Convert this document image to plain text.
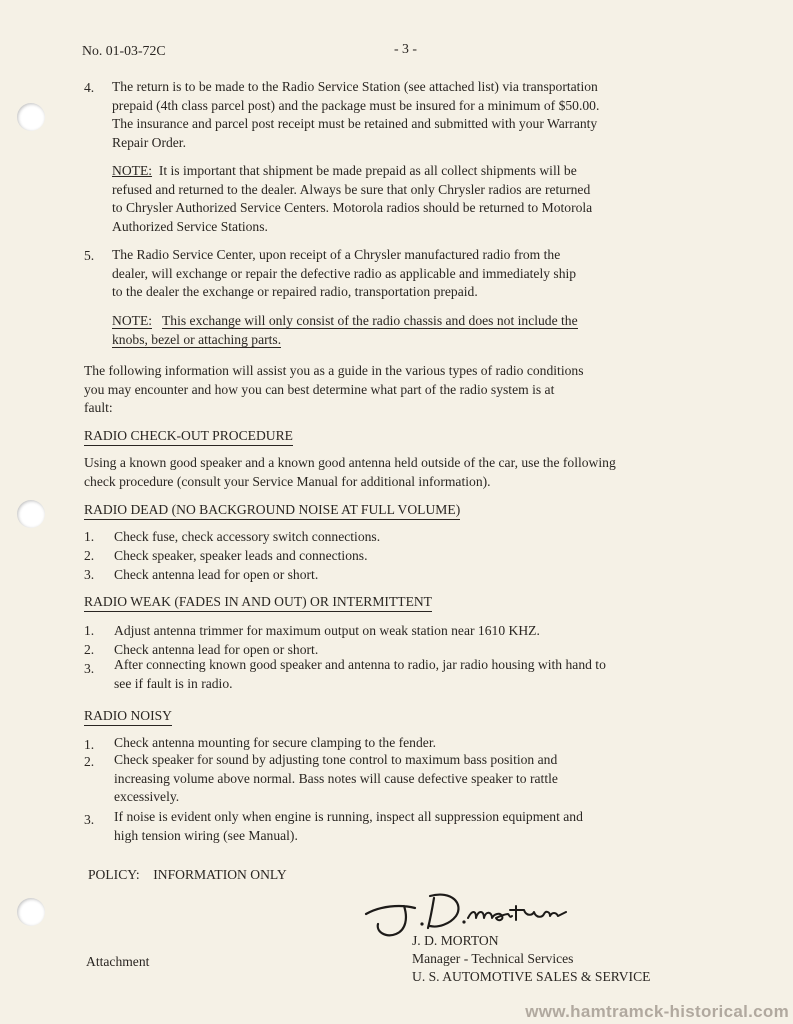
No. 01-03-72C	- 3 -
4. The return is to be made to the Radio Service Station (see attached list) via transportation
prepaid (4th class parcel post) and the package must be insured for a minimum of $50.00.
The insurance and parcel post receipt must be retained and submitted with your Warranty
Repair Order.
NOTE: It is important that shipment be made prepaid as all collect shipments will be
refused and returned to the dealer. Always be sure that only Chrysler radios are returned
to Chrysler Authorized Service Centers. Motorola radios should be returned to Motorola
Authorized Service Stations.
5. The Radio Service Center, upon receipt of a Chrysler manufactured radio from the
dealer, will exchange or repair the defective radio as applicable and immediately ship
to the dealer the exchange or repaired radio, transportation prepaid.
NOTE: This exchange will only consist of the radio chassis and does not include the
knobs, bezel or attaching parts.
The following information will assist you as a guide in the various types of radio conditions
you may encounter and how you can best determine what part of the radio system is at
fault:
RADIO CHECK-OUT PROCEDURE
Using a known good speaker and a known good antenna held outside of the car, use the following
check procedure (consult your Service Manual for additional information).
RADIO DEAD (NO BACKGROUND NOISE AT FULL VOLUME)
1. Check fuse, check accessory switch connections.
2. Check speaker, speaker leads and connections.
3. Check antenna lead for open or short.
RADIO WEAK (FADES IN AND OUT) OR INTERMITTENT
1. Adjust antenna trimmer for maximum output on weak station near 1610 KHZ.
2. Check antenna lead for open or short.
3. After connecting known good speaker and antenna to radio, jar radio housing with hand to
see if fault is in radio.
RADIO NOISY
1. Check antenna mounting for secure clamping to the fender.
2. Check speaker for sound by adjusting tone control to maximum bass position and
increasing volume above normal. Bass notes will cause defective speaker to rattle
excessively.
3. If noise is evident only when engine is running, inspect all suppression equipment and
high tension wiring (see Manual).
POLICY: INFORMATION ONLY
J. D. MORTON
Manager - Technical Services
U. S. AUTOMOTIVE SALES & SERVICE
Attachment
www.hamtramck-historical.com
